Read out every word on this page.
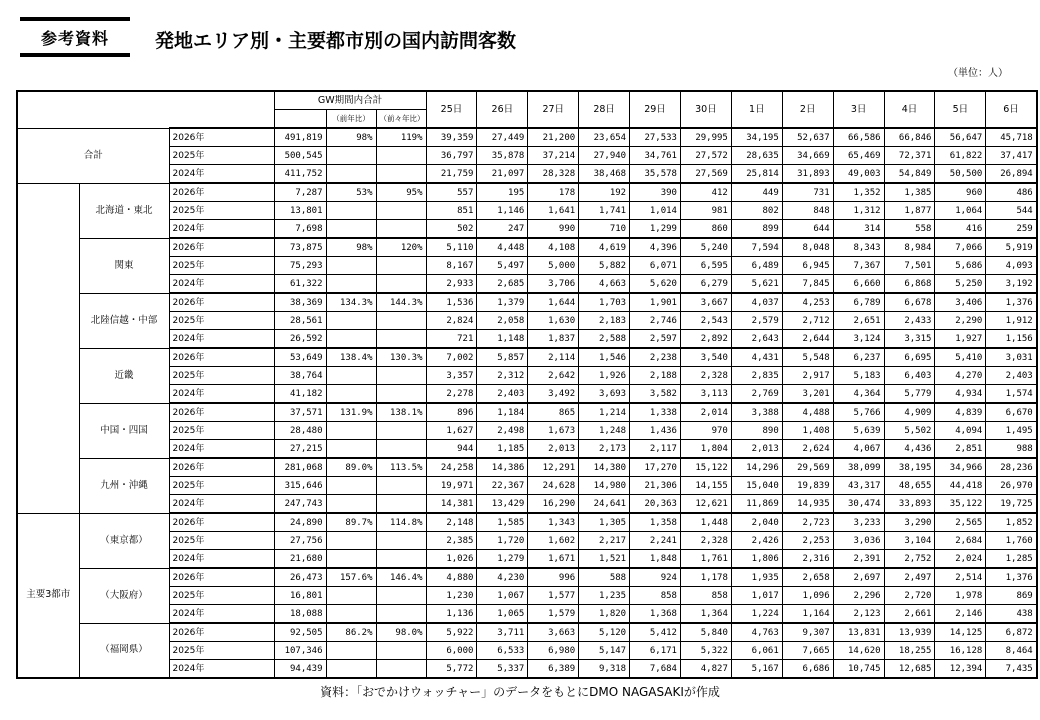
参考資料	発地エリア別・主要都市別の国内訪問客数
（単位：人）
			GW期間内合計			25日	26日	27日	28日	29日	30日	1日	2日	3日	4日	5日	6日
				（前年比）	（前々年比）												
合計		2026年	491,819	98%	119%	39,359	27,449	21,200	23,654	27,533	29,995	34,195	52,637	66,586	66,846	56,647	45,718
		2025年	500,545			36,797	35,878	37,214	27,940	34,761	27,572	28,635	34,669	65,469	72,371	61,822	37,417
		2024年	411,752			21,759	21,097	28,328	38,468	35,578	27,569	25,814	31,893	49,003	54,849	50,500	26,894
	北海道・東北	2026年	7,287	53%	95%	557	195	178	192	390	412	449	731	1,352	1,385	960	486
		2025年	13,801			851	1,146	1,641	1,741	1,014	981	802	848	1,312	1,877	1,064	544
		2024年	7,698			502	247	990	710	1,299	860	899	644	314	558	416	259
	関東	2026年	73,875	98%	120%	5,110	4,448	4,108	4,619	4,396	5,240	7,594	8,048	8,343	8,984	7,066	5,919
		2025年	75,293			8,167	5,497	5,000	5,882	6,071	6,595	6,489	6,945	7,367	7,501	5,686	4,093
		2024年	61,322			2,933	2,685	3,706	4,663	5,620	6,279	5,621	7,845	6,660	6,868	5,250	3,192
	北陸信越・中部	2026年	38,369	134.3%	144.3%	1,536	1,379	1,644	1,703	1,901	3,667	4,037	4,253	6,789	6,678	3,406	1,376
		2025年	28,561			2,824	2,058	1,630	2,183	2,746	2,543	2,579	2,712	2,651	2,433	2,290	1,912
		2024年	26,592			721	1,148	1,837	2,588	2,597	2,892	2,643	2,644	3,124	3,315	1,927	1,156
	近畿	2026年	53,649	138.4%	130.3%	7,002	5,857	2,114	1,546	2,238	3,540	4,431	5,548	6,237	6,695	5,410	3,031
		2025年	38,764			3,357	2,312	2,642	1,926	2,188	2,328	2,835	2,917	5,183	6,403	4,270	2,403
		2024年	41,182			2,278	2,403	3,492	3,693	3,582	3,113	2,769	3,201	4,364	5,779	4,934	1,574
	中国・四国	2026年	37,571	131.9%	138.1%	896	1,184	865	1,214	1,338	2,014	3,388	4,488	5,766	4,909	4,839	6,670
		2025年	28,480			1,627	2,498	1,673	1,248	1,436	970	890	1,408	5,639	5,502	4,094	1,495
		2024年	27,215			944	1,185	2,013	2,173	2,117	1,804	2,013	2,624	4,067	4,436	2,851	988
	九州・沖縄	2026年	281,068	89.0%	113.5%	24,258	14,386	12,291	14,380	17,270	15,122	14,296	29,569	38,099	38,195	34,966	28,236
		2025年	315,646			19,971	22,367	24,628	14,980	21,306	14,155	15,040	19,839	43,317	48,655	44,418	26,970
		2024年	247,743			14,381	13,429	16,290	24,641	20,363	12,621	11,869	14,935	30,474	33,893	35,122	19,725
主要3都市	（東京都）	2026年	24,890	89.7%	114.8%	2,148	1,585	1,343	1,305	1,358	1,448	2,040	2,723	3,233	3,290	2,565	1,852
		2025年	27,756			2,385	1,720	1,602	2,217	2,241	2,328	2,426	2,253	3,036	3,104	2,684	1,760
		2024年	21,680			1,026	1,279	1,671	1,521	1,848	1,761	1,806	2,316	2,391	2,752	2,024	1,285
	（大阪府）	2026年	26,473	157.6%	146.4%	4,880	4,230	996	588	924	1,178	1,935	2,658	2,697	2,497	2,514	1,376
		2025年	16,801			1,230	1,067	1,577	1,235	858	858	1,017	1,096	2,296	2,720	1,978	869
		2024年	18,088			1,136	1,065	1,579	1,820	1,368	1,364	1,224	1,164	2,123	2,661	2,146	438
	（福岡県）	2026年	92,505	86.2%	98.0%	5,922	3,711	3,663	5,120	5,412	5,840	4,763	9,307	13,831	13,939	14,125	6,872
		2025年	107,346			6,000	6,533	6,980	5,147	6,171	5,322	6,061	7,665	14,620	18,255	16,128	8,464
		2024年	94,439			5,772	5,337	6,389	9,318	7,684	4,827	5,167	6,686	10,745	12,685	12,394	7,435
資料：「おでかけウォッチャー」のデータをもとにDMO NAGASAKIが作成
